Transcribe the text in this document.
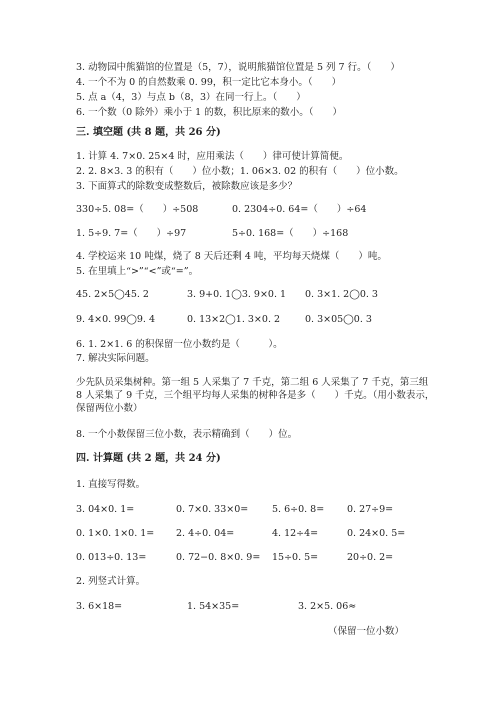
3. 动物园中熊猫馆的位置是（5，7），说明熊猫馆位置是 5 列 7 行。（　　）
4. 一个不为 0 的自然数乘 0. 99，积一定比它本身小。（　　）
5. 点 a（4，3）与点 b（8，3）在同一行上。（　　）
6. 一个数（0 除外）乘小于 1 的数，积比原来的数小。（　　）
三. 填空题 (共 8 题，共 26 分)
1. 计算 4. 7×0. 25×4 时，应用乘法（　　）律可使计算简便。
2. 2. 8×3. 3 的积有（　　）位小数；1. 06×3. 02 的积有（　　）位小数。
3. 下面算式的除数变成整数后，被除数应该是多少？
330÷5. 08=（　　）÷508	0. 2304÷0. 64=（　　）÷64
1. 5÷9. 7=（　　）÷97	5÷0. 168=（　　）÷168
4. 学校运来 10 吨煤，烧了 8 天后还剩 4 吨，平均每天烧煤（　　）吨。
5. 在里填上“>”“<”或“=”。
45. 2×5◯45. 2	3. 9+0. 1◯3. 9×0. 1 0. 3×1. 2◯0. 3
9. 4×0. 99◯9. 4	0. 13×2◯1. 3×0. 2	0. 3×05◯0. 3
6. 1. 2×1. 6 的积保留一位小数约是（　　　）。
7. 解决实际问题。
少先队员采集树种。第一组 5 人采集了 7 千克，第二组 6 人采集了 7 千克，第三组 8 人采集了 9 千克，三个组平均每人采集的树种各是多（　　）千克。（用小数表示，保留两位小数）
8. 一个小数保留三位小数，表示精确到（　　）位。
四. 计算题 (共 2 题，共 24 分)
1. 直接写得数。
3. 04×0. 1=	0. 7×0. 33×0=	5. 6÷0. 8= 0. 27÷9=
0. 1×0. 1×0. 1= 2. 4÷0. 04=	4. 12÷4=	0. 24×0. 5=
0. 013÷0. 13=	0. 72−0. 8×0. 9= 15÷0. 5=	20÷0. 2=
2. 列竖式计算。
3. 6×18=	1. 54×35=	3. 2×5. 06≈
（保留一位小数）
